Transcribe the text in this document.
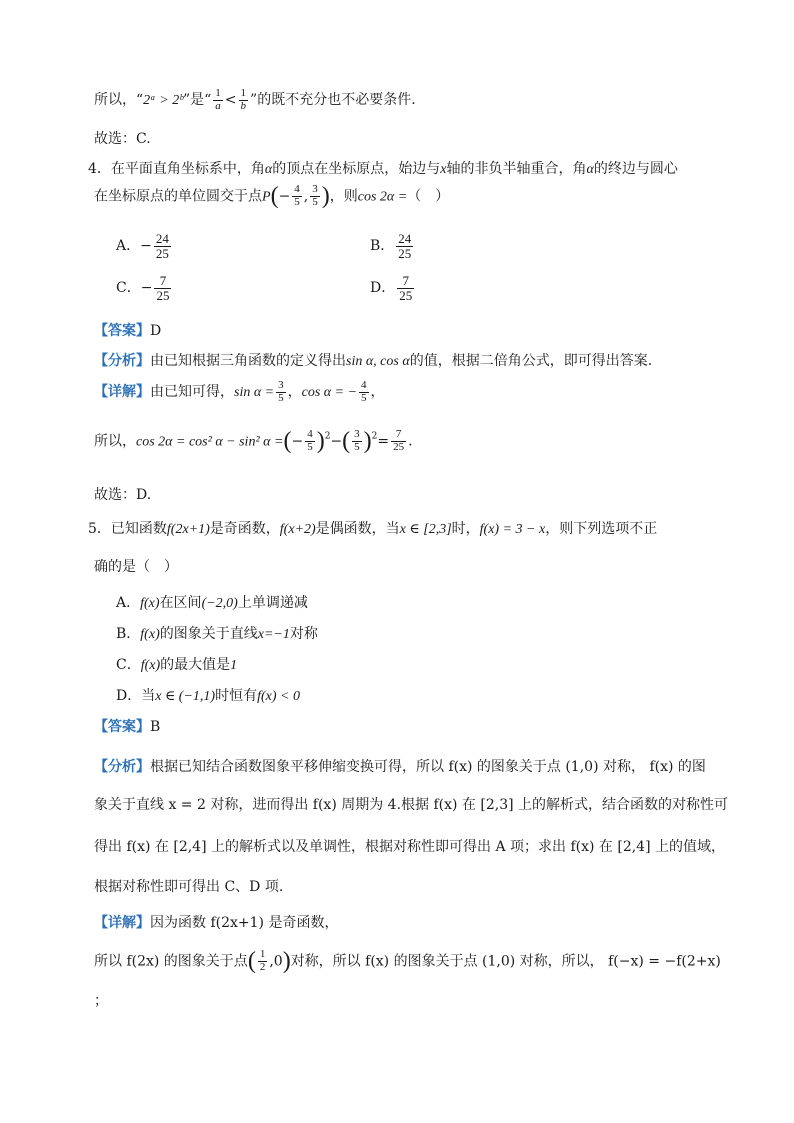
所以，“2ᵃ > 2ᵇ”是“ $\frac{1}{a} < \frac{1}{b}$ ”的既不充分也不必要条件.
故选：C.
4．在平面直角坐标系中，角α的顶点在坐标原点，始边与x轴的非负半轴重合，角α的终边与圆心
在坐标原点的单位圆交于点$P(- \frac{4}{5}$ , $\frac{3}{5}$ )，则cos 2α =（　）
A．− $\frac{24}{25}$	B． $\frac{24}{25}$
C．− $\frac{7}{25}$	D． $\frac{7}{25}$
【答案】D
【分析】由已知根据三角函数的定义得出sin α, cos α的值，根据二倍角公式，即可得出答案.
【详解】由已知可得，$\sin \alpha = \frac{3}{5}$ ，cos α = − $\frac{4}{5}$ ，
所以，cos 2α = cos² α − sin² α =(− $\frac{4}{5} )^2-( \frac{3}{5} )^2= \frac{7}{25}$ .
故选：D.
5．已知函数f(2x+1)是奇函数，f(x+2)是偶函数，当x ∈ [2,3]时，f(x) = 3 − x，则下列选项不正
确的是（　）
A．f(x)在区间(−2,0)上单调递减
B．f(x)的图象关于直线x=−1对称
C．f(x)的最大值是1
D．当x ∈ (−1,1)时恒有f(x) < 0
【答案】B
【分析】根据已知结合函数图象平移伸缩变换可得，所以 f(x) 的图象关于点 (1,0) 对称， f(x) 的图
象关于直线 x = 2 对称，进而得出 f(x) 周期为 4.根据 f(x) 在 [2,3] 上的解析式，结合函数的对称性可
得出 f(x) 在 [2,4] 上的解析式以及单调性，根据对称性即可得出 A 项；求出 f(x) 在 [2,4] 上的值域，
根据对称性即可得出 C、D 项.
【详解】因为函数 f(2x+1) 是奇函数，
所以 f(2x) 的图象关于点( $\frac{1}{2} ,0$)对称，所以 f(x) 的图象关于点 (1,0) 对称，所以， f(−x) = −f(2+x)
；
